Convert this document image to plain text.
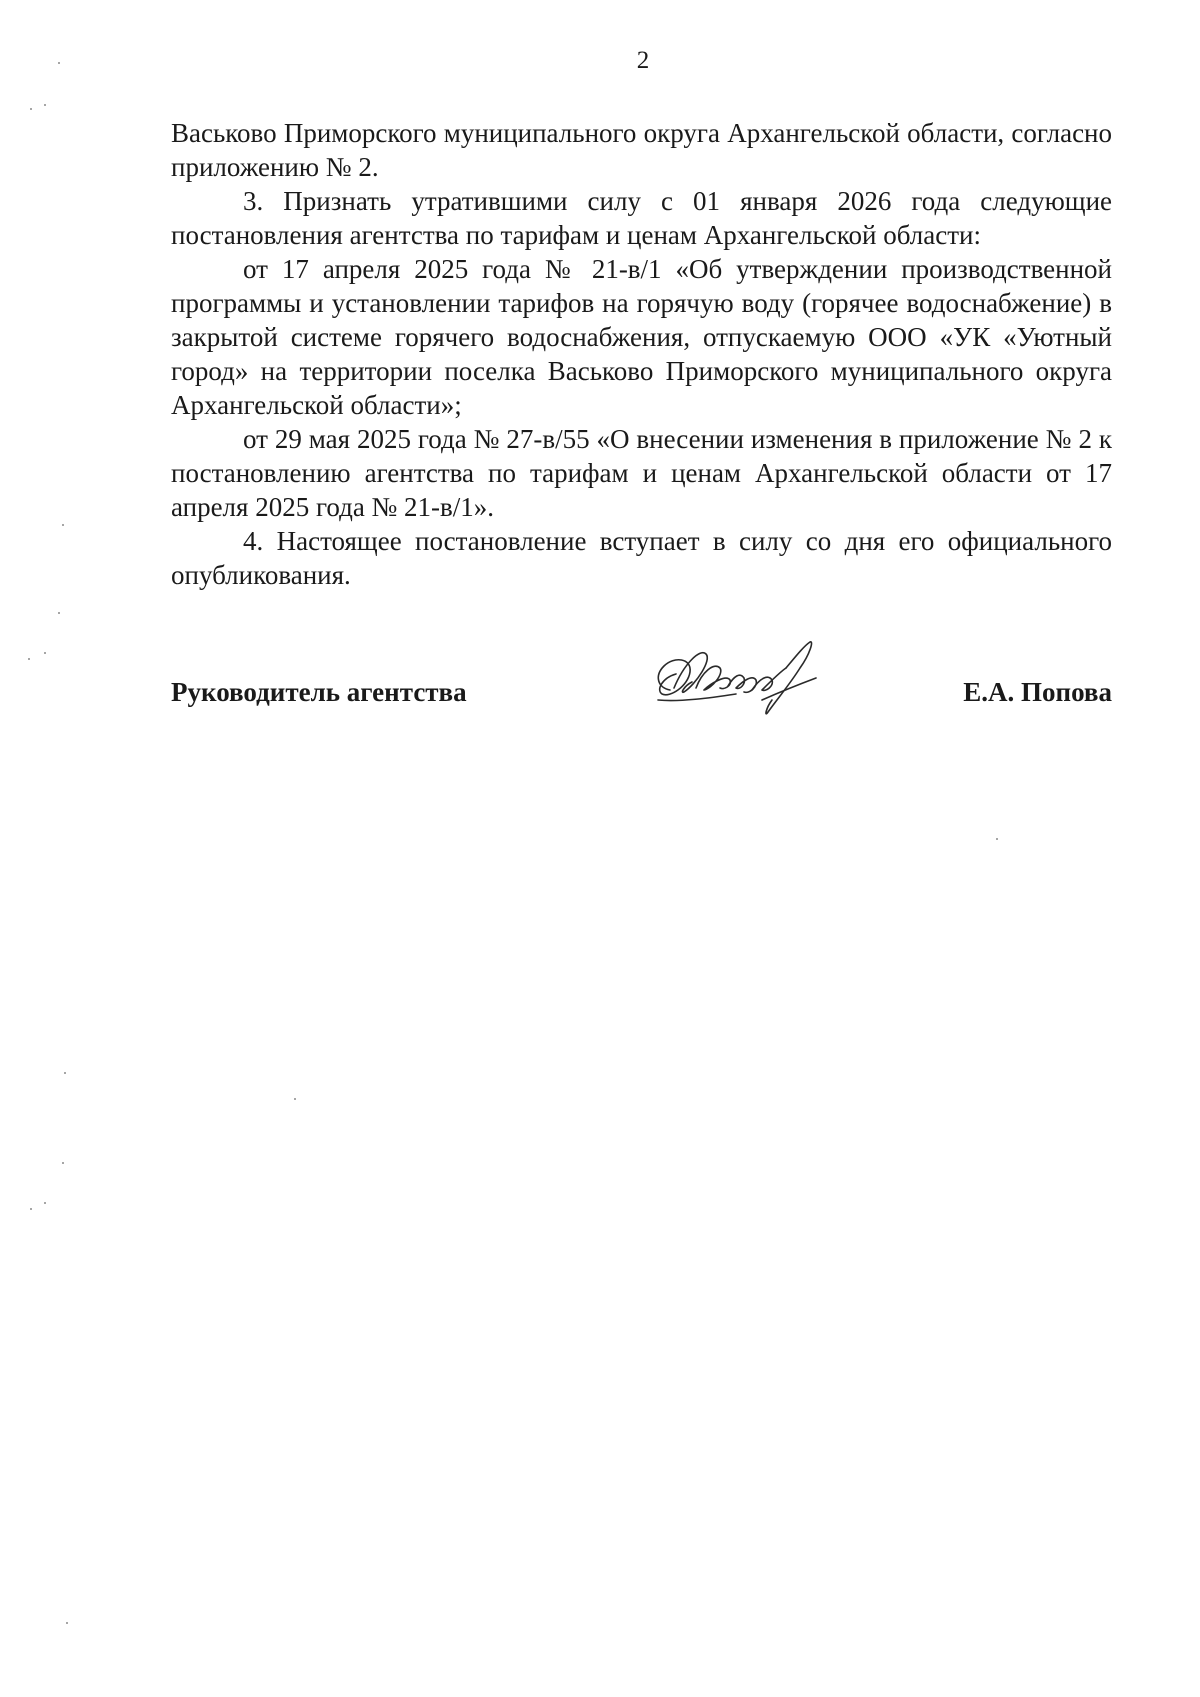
2

Васьково Приморского муниципального округа Архангельской области, согласно приложению № 2.

3. Признать утратившими силу с 01 января 2026 года следующие постановления агентства по тарифам и ценам Архангельской области:

от 17 апреля 2025 года № 21-в/1 «Об утверждении производственной программы и установлении тарифов на горячую воду (горячее водоснабжение) в закрытой системе горячего водоснабжения, отпускаемую ООО «УК «Уютный город» на территории поселка Васьково Приморского муниципального округа Архангельской области»;

от 29 мая 2025 года № 27-в/55 «О внесении изменения в приложение № 2 к постановлению агентства по тарифам и ценам Архангельской области от 17 апреля 2025 года № 21-в/1».

4. Настоящее постановление вступает в силу со дня его официального опубликования.

Руководитель агентства	Е.А. Попова
